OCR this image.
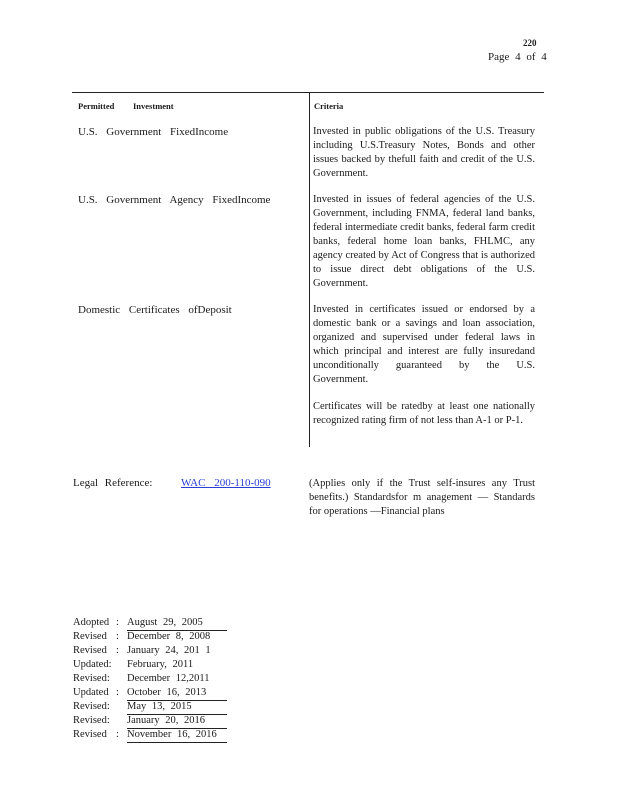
220
Page 4 of 4
Permitted Investment	Criteria
U.S. Government FixedIncome	Invested in public obligations of the U.S. Treasury including U.S.Treasury Notes, Bonds and other issues backed by thefull faith and credit of the U.S. Government.
U.S. Government Agency FixedIncome	Invested in issues of federal agencies of the U.S. Government, including FNMA, federal land banks, federal intermediate credit banks, federal farm credit banks, federal home loan banks, FHLMC, any agency created by Act of Congress that is authorized to issue direct debt obligations of the U.S. Government.
Domestic Certificates ofDeposit	Invested in certificates issued or endorsed by a domestic bank or a savings and loan association, organized and supervised under federal laws in which principal and interest are fully insuredand unconditionally guaranteed by the U.S. Government.
Certificates will be ratedby at least one nationally recognized rating firm of not less than A-1 or P-1.
Legal Reference:	WAC 200-110-090	(Applies only if the Trust self-insures any Trust benefits.) Standardsfor m anagement — Standards for operations —Financial plans
Adopted : August 29, 2005
Revised : December 8, 2008
Revised : January 24, 201 1
Updated:	February, 2011
Revised:	December 12,2011
Updated : October 16, 2013
Revised:	May 13, 2015
Revised:	January 20, 2016
Revised : November 16, 2016
